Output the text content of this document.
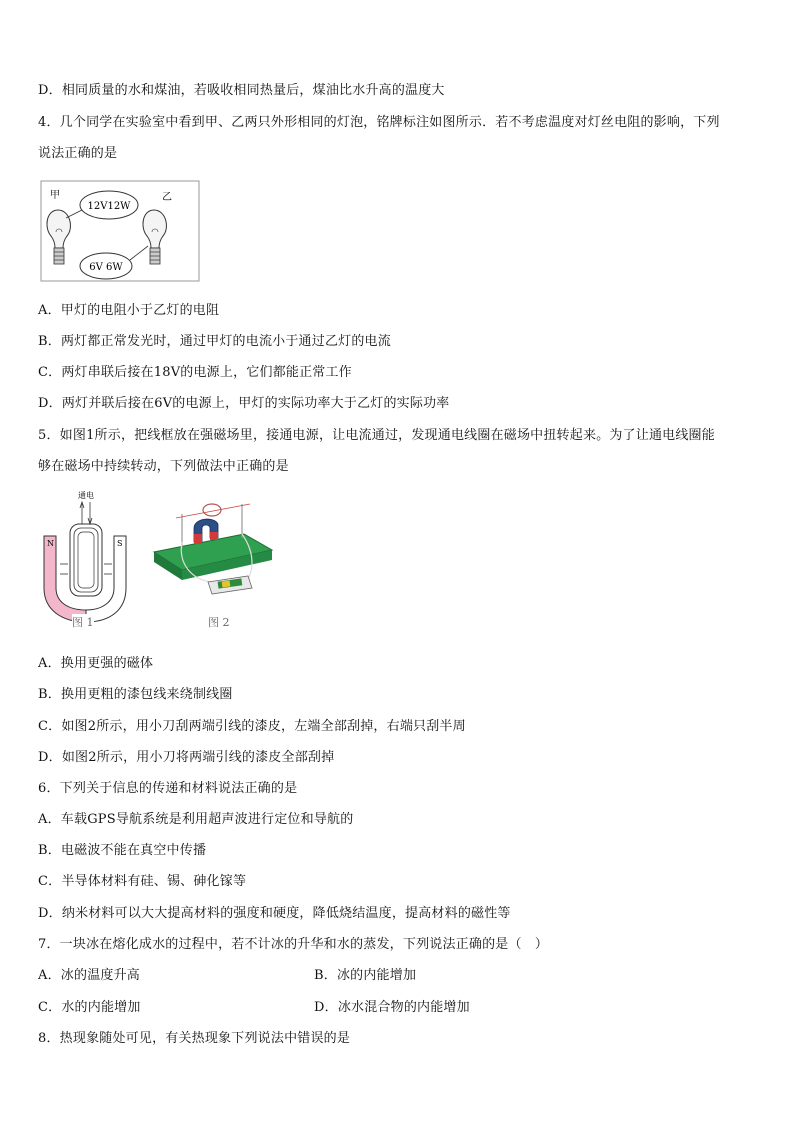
D．相同质量的水和煤油，若吸收相同热量后，煤油比水升高的温度大
4．几个同学在实验室中看到甲、乙两只外形相同的灯泡，铭牌标注如图所示．若不考虑温度对灯丝电阻的影响，下列
说法正确的是
12V12W
6V 6W
甲	乙
A．甲灯的电阻小于乙灯的电阻
B．两灯都正常发光时，通过甲灯的电流小于通过乙灯的电流
C．两灯串联后接在18V的电源上，它们都能正常工作
D．两灯并联后接在6V的电源上，甲灯的实际功率大于乙灯的实际功率
5．如图1所示，把线框放在强磁场里，接通电源，让电流通过，发现通电线圈在磁场中扭转起来。为了让通电线圈能
够在磁场中持续转动，下列做法中正确的是
通电
N	S
图 1	图 2
A．换用更强的磁体
B．换用更粗的漆包线来绕制线圈
C．如图2所示，用小刀刮两端引线的漆皮，左端全部刮掉，右端只刮半周
D．如图2所示，用小刀将两端引线的漆皮全部刮掉
6．下列关于信息的传递和材料说法正确的是
A．车载GPS导航系统是利用超声波进行定位和导航的
B．电磁波不能在真空中传播
C．半导体材料有硅、锡、砷化镓等
D．纳米材料可以大大提高材料的强度和硬度，降低烧结温度，提高材料的磁性等
7．一块冰在熔化成水的过程中，若不计冰的升华和水的蒸发，下列说法正确的是（　）
A．冰的温度升高	B．冰的内能增加
C．水的内能增加	D．冰水混合物的内能增加
8．热现象随处可见，有关热现象下列说法中错误的是
